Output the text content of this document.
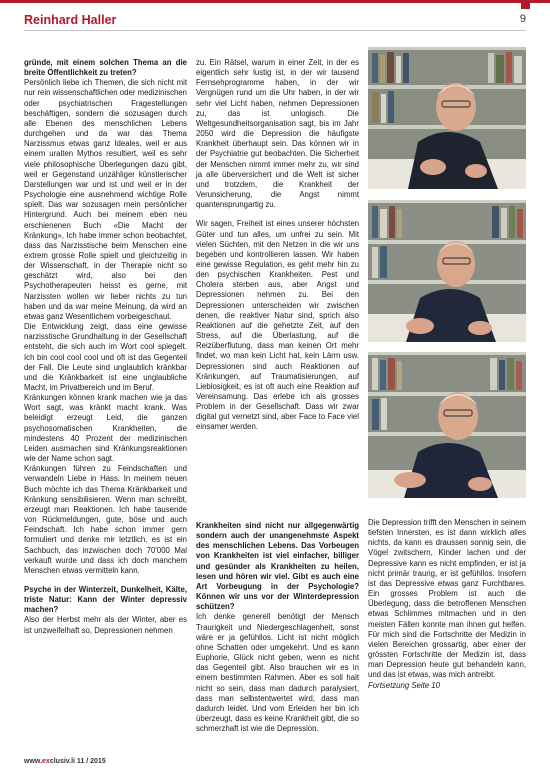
Reinhard Haller	9

gründe, mit einem solchen Thema an die breite Öffentlichkeit zu treten?

Persönlich liebe ich Themen, die sich nicht mit nur rein wissenschaftlichen oder medizinischen oder psychiatrischen Fragestellungen beschäftigen, sondern die sozusagen durch alle Ebenen des menschlichen Lebens durchgehen und da war das Thema Narzissmus etwas ganz Ideales, weil er aus einem uralten Mythos resultiert, weil es sehr viele philosophische Überlegungen dazu gibt, weil er Gegenstand unzähliger künstlerischer Darstellungen war und ist und weil er in der Psychologie eine ausnehmend wichtige Rolle spielt. Das war sozusagen mein persönlicher Hintergrund. Auch bei meinem eben neu erschienenen Buch «Die Macht der Kränkung», Ich habe immer schon beobachtet, dass das Narzisstische beim Menschen eine extrem grosse Rolle spielt und gleichzeitig in der Wissenschaft, in der Therapie nicht so geschätzt wird, also bei den Psychotherapeuten heisst es gerne, mit Narzissten wollen wir lieber nichts zu tun haben und da war meine Meinung, da wird an etwas ganz Wesentlichem vorbeigeschaut.

Die Entwicklung zeigt, dass eine gewisse narzisstische Grundhaltung in der Gesellschaft entsteht, die sich auch im Wort cool spiegelt. Ich bin cool cool cool und oft ist das Gegenteil der Fall. Die Leute sind unglaublich kränkbar und die Kränkbarkeit ist eine unglaubliche Macht, im Privatbereich und im Beruf.

Kränkungen können krank machen wie ja das Wort sagt, was kränkt macht krank. Was beleidigt erzeugt Leid, die ganzen psychosomatischen Krankheiten, die mindestens 40 Prozent der medizinischen Leiden ausmachen sind Kränkungsreaktionen wie der Name schon sagt.

Kränkungen führen zu Feindschaften und verwandeln Liebe in Hass. In meinem neuen Buch möchte ich das Thema Kränkbarkeit und Kränkung sensibilisieren. Wenn man schreibt, erzeugt man Reaktionen. Ich habe tausende von Rückmeldungen, gute, böse und auch Feindschaft. Ich habe schon immer gern formuliert und denke mir letztlich, es ist ein Sachbuch, das inzwischen doch 70'000 Mal verkauft wurde und dass ich doch manchem Menschen etwas vermitteln kann.

Psyche in der Winterzeit, Dunkelheit, Kälte, triste Natur: Kann der Winter depressiv machen?

Also der Herbst mehr als der Winter, aber es ist unzweifelhaft so, Depressionen nehmen

zu. Ein Rätsel, warum in einer Zeit, in der es eigentlich sehr lustig ist, in der wir tausend Fernsehprogramme haben, in der wir Vergnügen rund um die Uhr haben, in der wir sehr viel Licht haben, nehmen Depressionen zu, das ist unlogisch. Die Weltgesundheitsorganisation sagt, bis im Jahr 2050 wird die Depression die häufigste Krankheit überhaupt sein. Das können wir in der Psychiatrie gut beobachten. Die Sicherheit der Menschen nimmt immer mehr zu, wir sind ja alle überversichert und die Welt ist sicher und trotzdem, die Krankheit der Verunsicherung, die Angst nimmt quantensprungartig zu.

Wir sagen, Freiheit ist eines unserer höchsten Güter und tun alles, um unfrei zu sein. Mit vielen Süchten, mit den Netzen in die wir uns begeben und kontrollieren lassen. Wir haben eine gewisse Regulation, es geht mehr hin zu den psychischen Krankheiten. Pest und Cholera sterben aus, aber Angst und Depressionen nehmen zu. Bei den Depressionen unterscheiden wir zwischen denen, die reaktiver Natur sind, sprich also Reaktionen auf die gehetzte Zeit, auf den Stress, auf die Überlastung, auf die Reizüberflutung, dass man keinen Ort mehr findet, wo man kein Licht hat, kein Lärm usw. Depressionen sind auch Reaktionen auf Kränkungen, auf Traumatisierungen, auf Lieblosigkeit, es ist oft auch eine Reaktion auf Vereinsamung. Das erlebe ich als grosses Problem in der Gesellschaft. Dass wir zwar digital gut vernetzt sind, aber Face to Face viel einsamer werden.

Krankheiten sind nicht nur allgegenwärtig sondern auch der unangenehmste Aspekt des menschlichen Lebens. Das Vorbeugen von Krankheiten ist viel einfacher, billiger und gesünder als Krankheiten zu heilen, lesen und hören wir viel. Gibt es auch eine Art Vorbeugung in der Psychologie? Können wir uns vor der Winterdepression schützen?

Ich denke generell benötigt der Mensch Traurigkeit und Niedergeschlagenheit, sonst wäre er ja gefühllos. Licht ist nicht möglich ohne Schatten oder umgekehrt. Und es kann Euphorie, Glück nicht geben, wenn es nicht das Gegenteil gibt. Also brauchen wir es in einem bestimmten Rahmen. Aber es soll halt nicht so sein, dass man dadurch paralysiert, dass man selbstentwertet wird, dass man dadurch leidet. Und vom Erleiden her bin ich überzeugt, dass es keine Krankheit gibt, die so schmerzhaft ist wie die Depression.

Die Depression trifft den Menschen in seinem tiefsten Innersten, es ist dann wirklich alles nichts, da kann es draussen sonnig sein, die Vögel zwitschern, Kinder lachen und der Depressive kann es nicht empfinden, er ist ja nicht primär traurig, er ist gefühllos. Insofern ist das Depressive etwas ganz Furchtbares. Ein grosses Problem ist auch die Überlegung, dass die betroffenen Menschen etwas Schlimmes mitmachen und in den meisten Fällen konnte man ihnen gut helfen. Für mich sind die Fortschritte der Medizin in vielen Bereichen grossartig, aber einer der grössten Fortschritte der Medizin ist, dass man Depression heute gut behandeln kann, und das ist etwas, was mich antreibt.

Fortsetzung Seite 10

www.exclusiv.li 11 / 2015
